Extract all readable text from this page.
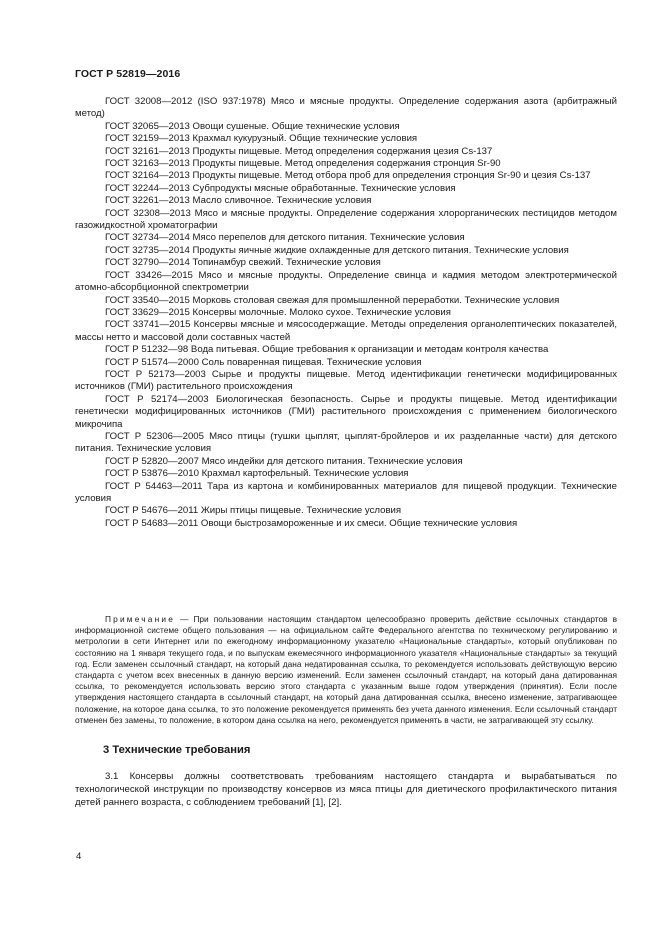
ГОСТ Р 52819—2016

ГОСТ 32008—2012 (ISO 937:1978) Мясо и мясные продукты. Определение содержания азота (арбитражный метод)

ГОСТ 32065—2013 Овощи сушеные. Общие технические условия

ГОСТ 32159—2013 Крахмал кукурузный. Общие технические условия

ГОСТ 32161—2013 Продукты пищевые. Метод определения содержания цезия Cs-137

ГОСТ 32163—2013 Продукты пищевые. Метод определения содержания стронция Sr-90

ГОСТ 32164—2013 Продукты пищевые. Метод отбора проб для определения стронция Sr-90 и цезия Cs-137

ГОСТ 32244—2013 Субпродукты мясные обработанные. Технические условия

ГОСТ 32261—2013 Масло сливочное. Технические условия

ГОСТ 32308—2013 Мясо и мясные продукты. Определение содержания хлорорганических пестицидов методом газожидкостной хроматографии

ГОСТ 32734—2014 Мясо перепелов для детского питания. Технические условия

ГОСТ 32735—2014 Продукты яичные жидкие охлажденные для детского питания. Технические условия

ГОСТ 32790—2014 Топинамбур свежий. Технические условия

ГОСТ 33426—2015 Мясо и мясные продукты. Определение свинца и кадмия методом электротермической атомно-абсорбционной спектрометрии

ГОСТ 33540—2015 Морковь столовая свежая для промышленной переработки. Технические условия

ГОСТ 33629—2015 Консервы молочные. Молоко сухое. Технические условия

ГОСТ 33741—2015 Консервы мясные и мясосодержащие. Методы определения органолептических показателей, массы нетто и массовой доли составных частей

ГОСТ Р 51232—98 Вода питьевая. Общие требования к организации и методам контроля качества

ГОСТ Р 51574—2000 Соль поваренная пищевая. Технические условия

ГОСТ Р 52173—2003 Сырье и продукты пищевые. Метод идентификации генетически модифицированных источников (ГМИ) растительного происхождения

ГОСТ Р 52174—2003 Биологическая безопасность. Сырье и продукты пищевые. Метод идентификации генетически модифицированных источников (ГМИ) растительного происхождения с применением биологического микрочипа

ГОСТ Р 52306—2005 Мясо птицы (тушки цыплят, цыплят-бройлеров и их разделанные части) для детского питания. Технические условия

ГОСТ Р 52820—2007 Мясо индейки для детского питания. Технические условия

ГОСТ Р 53876—2010 Крахмал картофельный. Технические условия

ГОСТ Р 54463—2011 Тара из картона и комбинированных материалов для пищевой продукции. Технические условия

ГОСТ Р 54676—2011 Жиры птицы пищевые. Технические условия

ГОСТ Р 54683—2011 Овощи быстрозамороженные и их смеси. Общие технические условия

Примечание — При пользовании настоящим стандартом целесообразно проверить действие ссылочных стандартов в информационной системе общего пользования — на официальном сайте Федерального агентства по техническому регулированию и метрологии в сети Интернет или по ежегодному информационному указателю «Национальные стандарты», который опубликован по состоянию на 1 января текущего года, и по выпускам ежемесячного информационного указателя «Национальные стандарты» за текущий год. Если заменен ссылочный стандарт, на который дана недатированная ссылка, то рекомендуется использовать действующую версию стандарта с учетом всех внесенных в данную версию изменений. Если заменен ссылочный стандарт, на который дана датированная ссылка, то рекомендуется использовать версию этого стандарта с указанным выше годом утверждения (принятия). Если после утверждения настоящего стандарта в ссылочный стандарт, на который дана датированная ссылка, внесено изменение, затрагивающее положение, на которое дана ссылка, то это положение рекомендуется применять без учета данного изменения. Если ссылочный стандарт отменен без замены, то положение, в котором дана ссылка на него, рекомендуется применять в части, не затрагивающей эту ссылку.

3 Технические требования

3.1 Консервы должны соответствовать требованиям настоящего стандарта и вырабатываться по технологической инструкции по производству консервов из мяса птицы для диетического профилактического питания детей раннего возраста, с соблюдением требований [1], [2].

4
